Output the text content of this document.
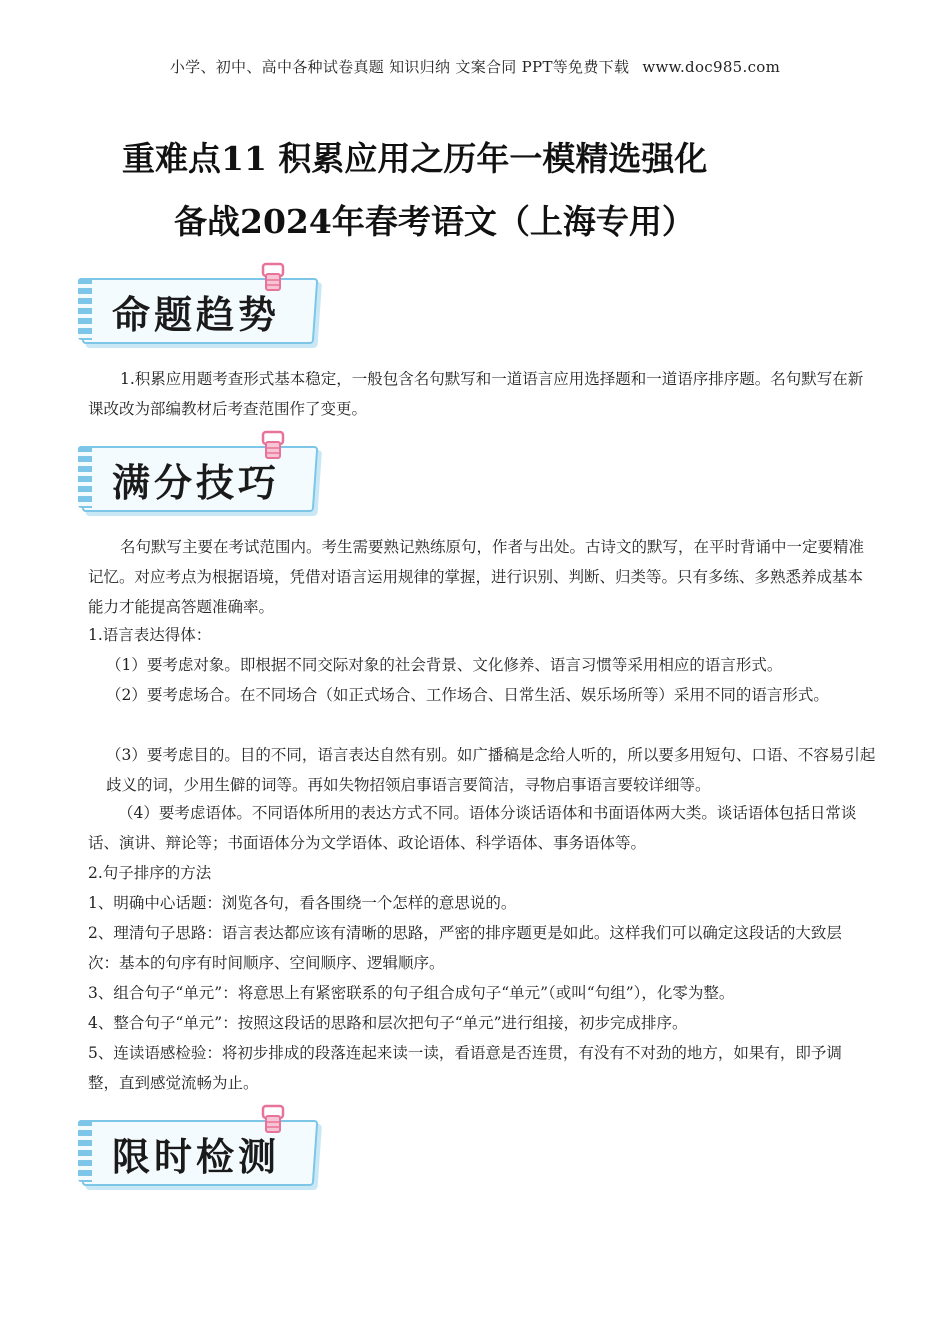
小学、初中、高中各种试卷真题 知识归纳 文案合同 PPT等免费下载 www.doc985.com
重难点11 积累应用之历年一模精选强化
备战2024年春考语文（上海专用）
命题趋势
1.积累应用题考查形式基本稳定，一般包含名句默写和一道语言应用选择题和一道语序排序题。名句默写在新课改改为部编教材后考查范围作了变更。
满分技巧
名句默写主要在考试范围内。考生需要熟记熟练原句，作者与出处。古诗文的默写，在平时背诵中一定要精准记忆。对应考点为根据语境，凭借对语言运用规律的掌握，进行识别、判断、归类等。只有多练、多熟悉养成基本能力才能提高答题准确率。
1.语言表达得体：
（1）要考虑对象。即根据不同交际对象的社会背景、文化修养、语言习惯等采用相应的语言形式。
（2）要考虑场合。在不同场合（如正式场合、工作场合、日常生活、娱乐场所等）采用不同的语言形式。
（3）要考虑目的。目的不同，语言表达自然有别。如广播稿是念给人听的，所以要多用短句、口语、不容易引起歧义的词，少用生僻的词等。再如失物招领启事语言要简洁，寻物启事语言要较详细等。
（4）要考虑语体。不同语体所用的表达方式不同。语体分谈话语体和书面语体两大类。谈话语体包括日常谈话、演讲、辩论等；书面语体分为文学语体、政论语体、科学语体、事务语体等。
2.句子排序的方法
1、明确中心话题：浏览各句，看各围绕一个怎样的意思说的。
2、理清句子思路：语言表达都应该有清晰的思路，严密的排序题更是如此。这样我们可以确定这段话的大致层次：基本的句序有时间顺序、空间顺序、逻辑顺序。
3、组合句子“单元”：将意思上有紧密联系的句子组合成句子“单元”（或叫“句组”），化零为整。
4、整合句子“单元”：按照这段话的思路和层次把句子“单元”进行组接，初步完成排序。
5、连读语感检验：将初步排成的段落连起来读一读，看语意是否连贯，有没有不对劲的地方，如果有，即予调整，直到感觉流畅为止。
限时检测
